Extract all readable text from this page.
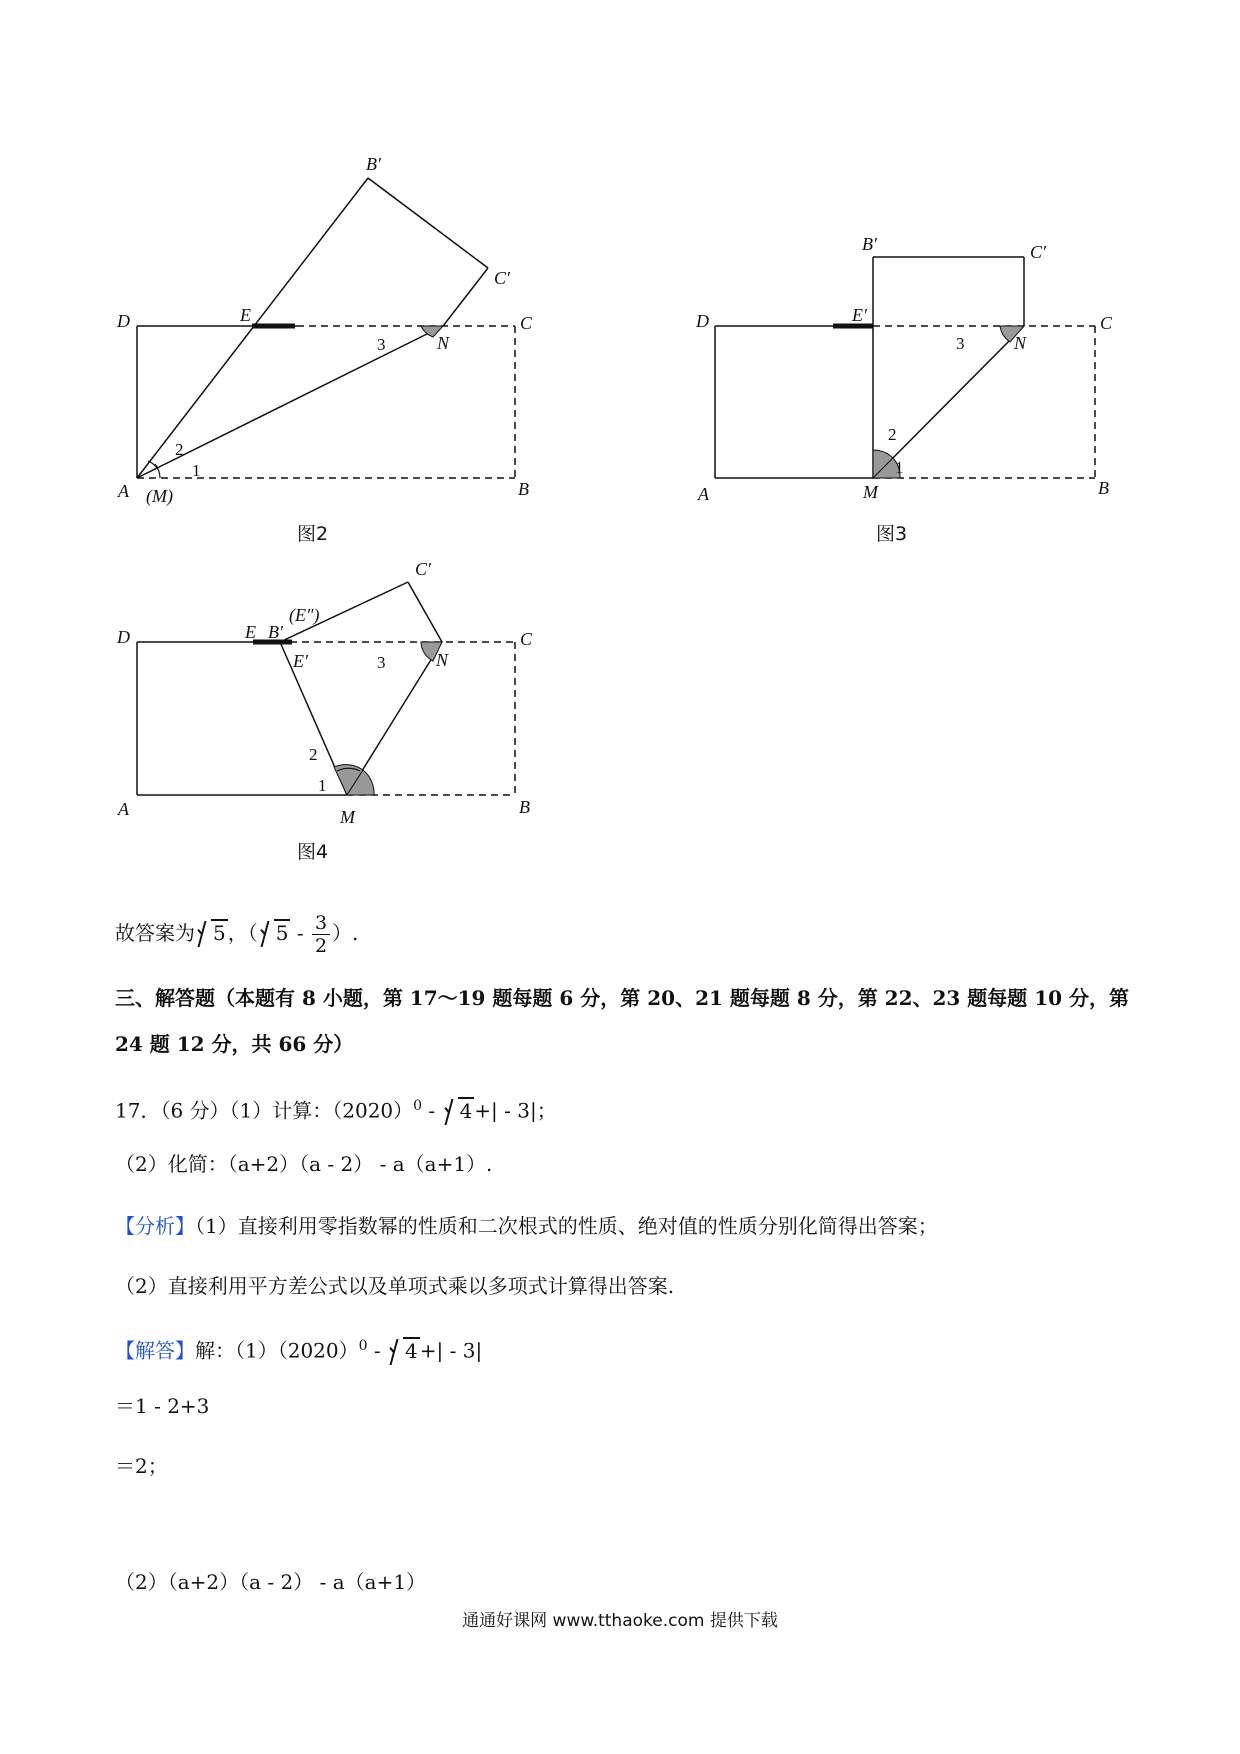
A (M)	B
C
D	E
N
B′
C′
1
2
3
图2
A	M	B
C
D	E′
N
B′	C′
1
2
3
图3
A	M	B
C
D	E B′
(E″)
E′	N
C′
1
2
3
图4
故答案为 5 ，（ $5 - \frac{3}{2}$ ）.
三、解答题（本题有 8 小题，第 17～19 题每题 6 分，第 20、21 题每题 8 分，第 22、23 题每题 10 分，第
24 题 12 分，共 66 分）
17．（6 分）（1）计算：$(2020)^0 - 4$ +| - 3|；
（2）化简：（a+2）（a - 2） - a（a+1）.
【分析】（1）直接利用零指数幂的性质和二次根式的性质、绝对值的性质分别化简得出答案；
（2）直接利用平方差公式以及单项式乘以多项式计算得出答案.
【解答】解：$(1)(2020)^0 - 4$ +| - 3|
＝1 - 2+3
＝2；
（2）（a+2）（a - 2） - a（a+1）
通通好课网 www.tthaoke.com 提供下载
